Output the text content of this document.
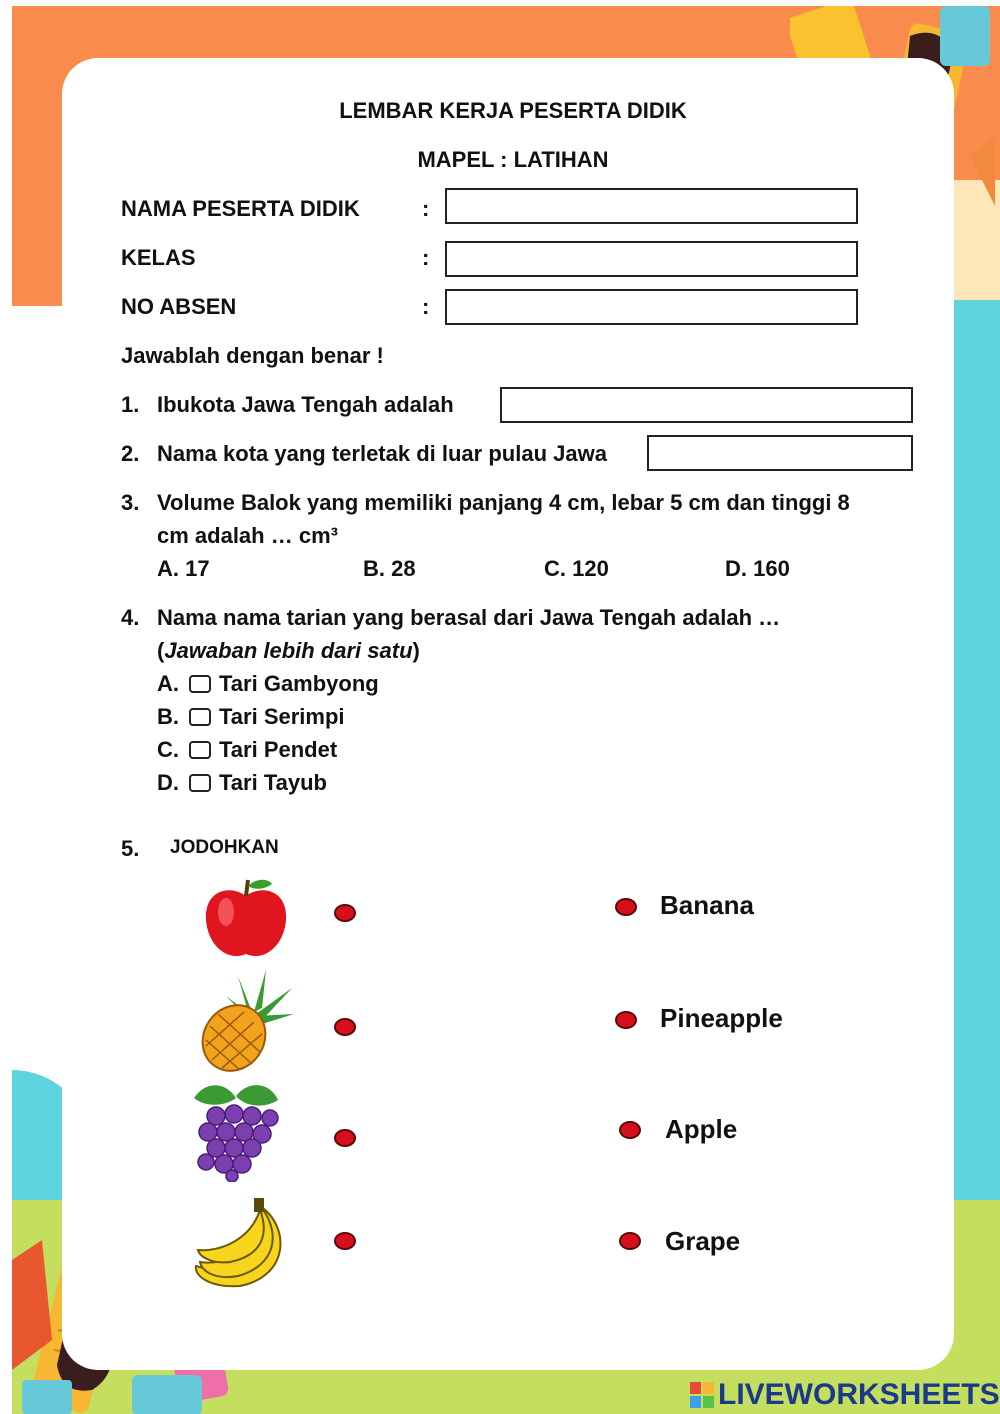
LEMBAR KERJA PESERTA DIDIK
MAPEL : LATIHAN
NAMA PESERTA DIDIK	:
KELAS	:
NO ABSEN	:
Jawablah dengan benar !
1. Ibukota Jawa Tengah adalah
2. Nama kota yang terletak di luar pulau Jawa
3. Volume Balok yang memiliki panjang 4 cm, lebar 5 cm dan tinggi 8
cm adalah … cm³
A. 17	B. 28	C. 120	D. 160
4. Nama nama tarian yang berasal dari Jawa Tengah adalah …
(Jawaban lebih dari satu)
A. Tari Gambyong
B. Tari Serimpi
C. Tari Pendet
D. Tari Tayub
5. JODOHKAN
Banana
Pineapple
Apple
Grape
LIVEWORKSHEETS
